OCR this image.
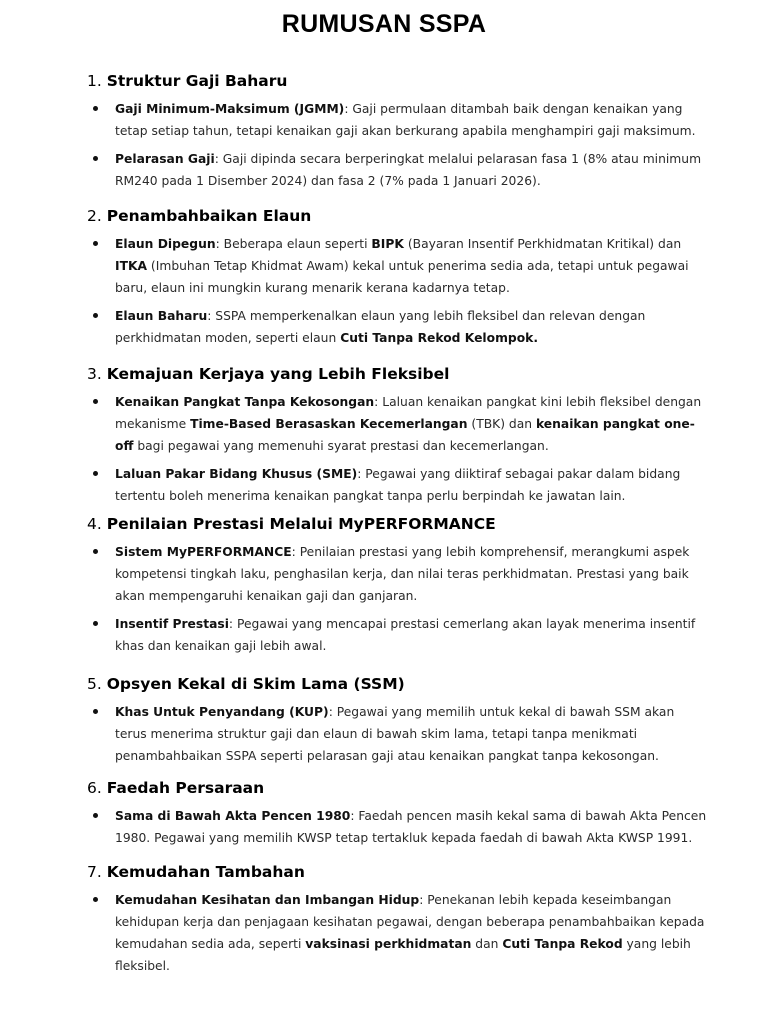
RUMUSAN SSPA
1. Struktur Gaji Baharu
Gaji Minimum-Maksimum (JGMM): Gaji permulaan ditambah baik dengan kenaikan yang tetap setiap tahun, tetapi kenaikan gaji akan berkurang apabila menghampiri gaji maksimum.
Pelarasan Gaji: Gaji dipinda secara berperingkat melalui pelarasan fasa 1 (8% atau minimum RM240 pada 1 Disember 2024) dan fasa 2 (7% pada 1 Januari 2026).
2. Penambahbaikan Elaun
Elaun Dipegun: Beberapa elaun seperti BIPK (Bayaran Insentif Perkhidmatan Kritikal) dan ITKA (Imbuhan Tetap Khidmat Awam) kekal untuk penerima sedia ada, tetapi untuk pegawai baru, elaun ini mungkin kurang menarik kerana kadarnya tetap.
Elaun Baharu: SSPA memperkenalkan elaun yang lebih fleksibel dan relevan dengan perkhidmatan moden, seperti elaun Cuti Tanpa Rekod Kelompok.
3. Kemajuan Kerjaya yang Lebih Fleksibel
Kenaikan Pangkat Tanpa Kekosongan: Laluan kenaikan pangkat kini lebih fleksibel dengan mekanisme Time-Based Berasaskan Kecemerlangan (TBK) dan kenaikan pangkat one-off bagi pegawai yang memenuhi syarat prestasi dan kecemerlangan.
Laluan Pakar Bidang Khusus (SME): Pegawai yang diiktiraf sebagai pakar dalam bidang tertentu boleh menerima kenaikan pangkat tanpa perlu berpindah ke jawatan lain.
4. Penilaian Prestasi Melalui MyPERFORMANCE
Sistem MyPERFORMANCE: Penilaian prestasi yang lebih komprehensif, merangkumi aspek kompetensi tingkah laku, penghasilan kerja, dan nilai teras perkhidmatan. Prestasi yang baik akan mempengaruhi kenaikan gaji dan ganjaran.
Insentif Prestasi: Pegawai yang mencapai prestasi cemerlang akan layak menerima insentif khas dan kenaikan gaji lebih awal.
5. Opsyen Kekal di Skim Lama (SSM)
Khas Untuk Penyandang (KUP): Pegawai yang memilih untuk kekal di bawah SSM akan terus menerima struktur gaji dan elaun di bawah skim lama, tetapi tanpa menikmati penambahbaikan SSPA seperti pelarasan gaji atau kenaikan pangkat tanpa kekosongan.
6. Faedah Persaraan
Sama di Bawah Akta Pencen 1980: Faedah pencen masih kekal sama di bawah Akta Pencen 1980. Pegawai yang memilih KWSP tetap tertakluk kepada faedah di bawah Akta KWSP 1991.
7. Kemudahan Tambahan
Kemudahan Kesihatan dan Imbangan Hidup: Penekanan lebih kepada keseimbangan kehidupan kerja dan penjagaan kesihatan pegawai, dengan beberapa penambahbaikan kepada kemudahan sedia ada, seperti vaksinasi perkhidmatan dan Cuti Tanpa Rekod yang lebih fleksibel.
